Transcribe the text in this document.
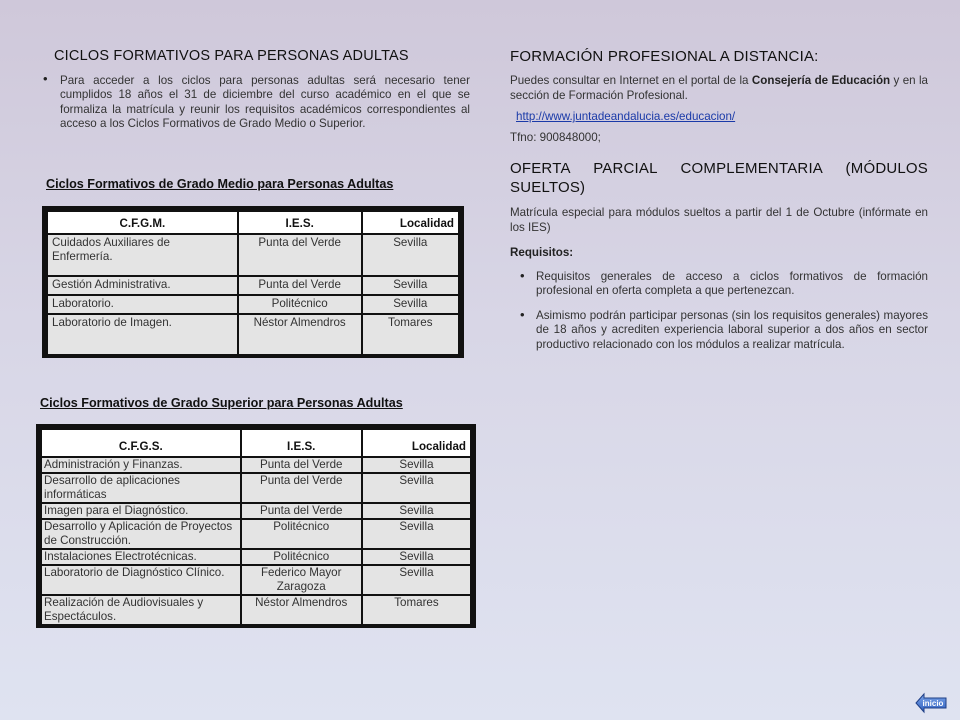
CICLOS FORMATIVOS PARA PERSONAS ADULTAS

• Para acceder a los ciclos para personas adultas será necesario tener cumplidos 18 años el 31 de diciembre del curso académico en el que se formaliza la matrícula y reunir los requisitos académicos correspondientes al acceso a los Ciclos Formativos de Grado Medio o Superior.

Ciclos Formativos de Grado Medio para Personas Adultas
C.F.G.M.	I.E.S.	Localidad
Cuidados Auxiliares de Enfermería.	Punta del Verde	Sevilla
Gestión Administrativa.	Punta del Verde	Sevilla
Laboratorio.	Politécnico	Sevilla
Laboratorio de Imagen.	Néstor Almendros	Tomares
Ciclos Formativos de Grado Superior para Personas Adultas
C.F.G.S.	I.E.S.	Localidad
Administración y Finanzas.	Punta del Verde	Sevilla
Desarrollo de aplicaciones informáticas	Punta del Verde	Sevilla
Imagen para el Diagnóstico.	Punta del Verde	Sevilla
Desarrollo y Aplicación de Proyectos de Construcción.	Politécnico	Sevilla
Instalaciones Electrotécnicas.	Politécnico	Sevilla
Laboratorio de Diagnóstico Clínico.	Federico Mayor Zaragoza	Sevilla
Realización de Audiovisuales y Espectáculos.	Néstor Almendros	Tomares
FORMACIÓN PROFESIONAL A DISTANCIA:

Puedes consultar en Internet en el portal de la Consejería de Educación y en la sección de Formación Profesional.

http://www.juntadeandalucia.es/educacion/

Tfno: 900848000;

OFERTA PARCIAL COMPLEMENTARIA (MÓDULOS
SUELTOS)

Matrícula especial para módulos sueltos a partir del 1 de Octubre (infórmate en los IES)

Requisitos:

• Requisitos generales de acceso a ciclos formativos de formación profesional en oferta completa a que pertenezcan.

• Asimismo podrán participar personas (sin los requisitos generales) mayores de 18 años y acrediten experiencia laboral superior a dos años en sector productivo relacionado con los módulos a realizar matrícula.

inicio
